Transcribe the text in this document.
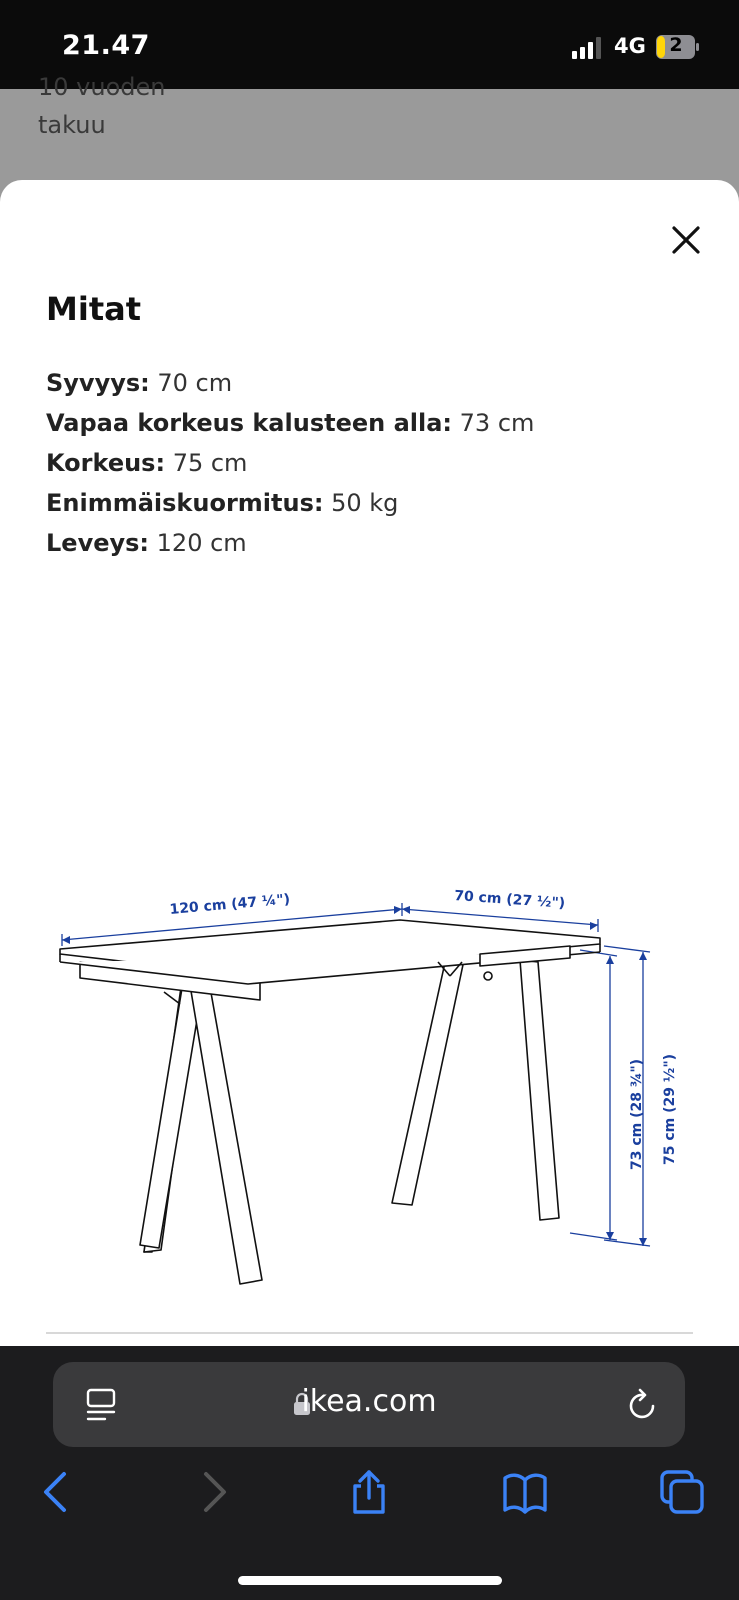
21.47	4G	2
10 vuoden
takuu
Mitat
Syvyys: 70 cm
Vapaa korkeus kalusteen alla: 73 cm
Korkeus: 75 cm
Enimmäiskuormitus: 50 kg
Leveys: 120 cm
120 cm (47 ¼")	70 cm (27 ½")
73 cm (28 ¾") 75 cm (29 ½")
ikea.com
